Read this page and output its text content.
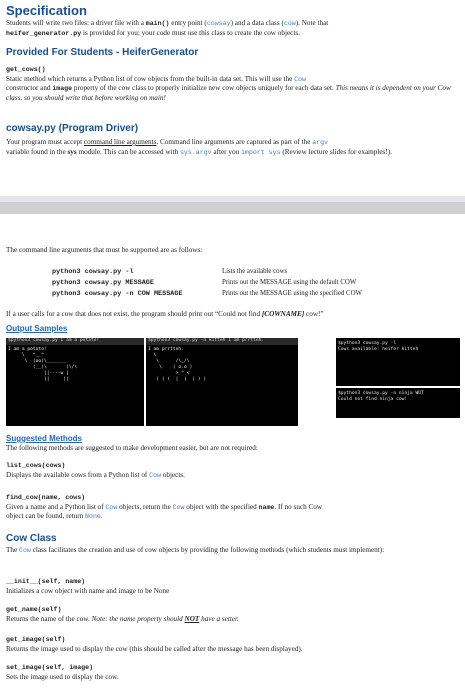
Specification
Students will write two files: a driver file with a main() entry point (cowsay) and a data class (cow). Note that
heifer_generator.py is provided for you; your code must use this class to create the cow objects.
Provided For Students - HeiferGenerator
get_cows()
Static method which returns a Python list of cow objects from the built-in data set. This will use the Cow
constructor and image property of the cow class to properly initialize new cow objects uniquely for each data set. This means it is dependent on your Cow class, so you should write that before working on main!
cowsay.py (Program Driver)
Your program must accept command line arguments. Command line arguments are captured as part of the argv
variable found in the sys module. This can be accessed with sys.argv after you import sys (Review lecture slides for examples!).
The command line arguments that must be supported are as follows:
python3 cowsay.py -l	Lists the available cows
python3 cowsay.py MESSAGE	Prints out the MESSAGE using the default COW
python3 cowsay.py -n COW MESSAGE	Prints out the MESSAGE using the specified COW
If a user calls for a cow that does not exist, the program should print out “Could not find [COWNAME] cow!”
Output Samples
$python3 cowsay.py I am a potato!
I am a potato!
\   ^__^
\  (oo)\_______
(__)\       )\/\
||----w |
||     ||
$python3 cowsay.py -n kitteh I am prrtteh.
I am prrtteh.
\
\      /\_/\
\    ( o.o )
> ^ <
( ( (  |  |  ) ) )
$python3 cowsay.py -l
Cows available: heifer kitteh
$python3 cowsay.py -n ninja WUT
Could not find ninja cow!
Suggested Methods
The following methods are suggested to make development easier, but are not required:
list_cows(cows)
Displays the available cows from a Python list of Cow objects.
find_cow(name, cows)
Given a name and a Python list of Cow objects, return the Cow object with the specified name. If no such Cow
object can be found, return None.
Cow Class
The Cow class facilitates the creation and use of cow objects by providing the following methods (which students must implement):
__init__(self, name)
Initializes a cow object with name and image to be None
get_name(self)
Returns the name of the cow. Note: the name property should NOT have a setter.
get_image(self)
Returns the image used to display the cow (this should be called after the message has been displayed).
set_image(self, image)
Sets the image used to display the cow.
